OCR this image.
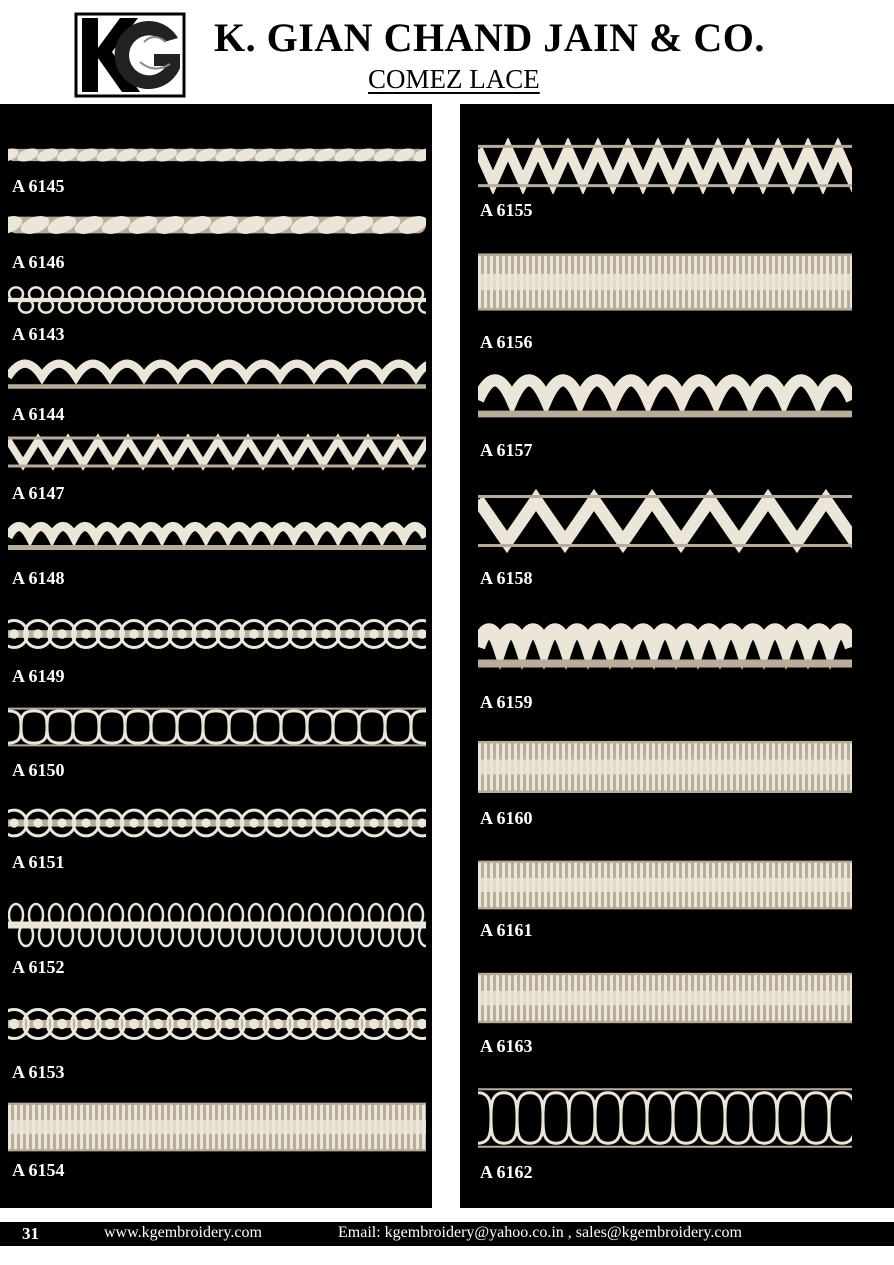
K. GIAN CHAND JAIN & CO.
COMEZ LACE
31	www.kgembroidery.com	Email: kgembroidery@yahoo.co.in , sales@kgembroidery.com
A 6145
A 6146
A 6143
A 6144
A 6147
A 6148
A 6149
A 6150
A 6151
A 6152
A 6153
A 6154
A 6155
A 6156
A 6157
A 6158
A 6159
A 6160
A 6161
A 6163
A 6162
